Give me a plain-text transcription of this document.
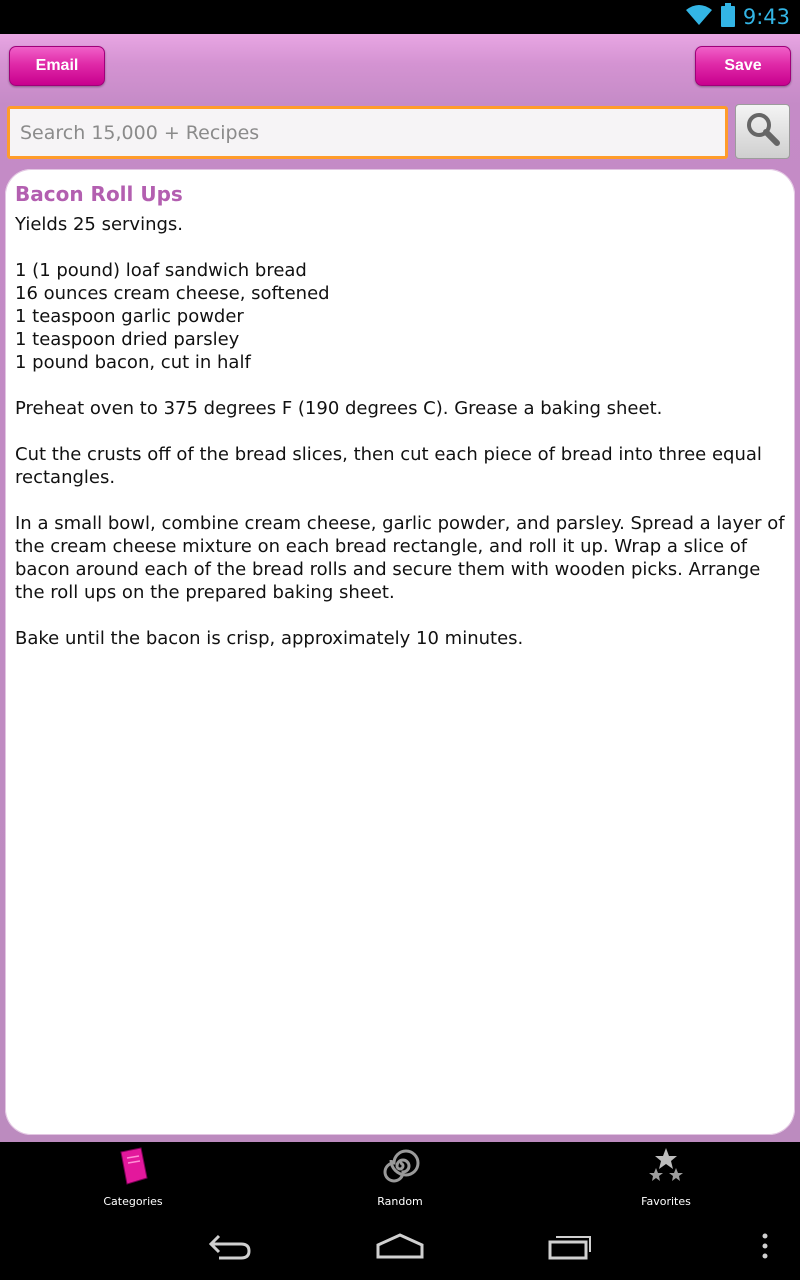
9:43
Email	Save
Search 15,000 + Recipes
Bacon Roll Ups

Yields 25 servings.

1 (1 pound) loaf sandwich bread

16 ounces cream cheese, softened

1 teaspoon garlic powder

1 teaspoon dried parsley

1 pound bacon, cut in half

Preheat oven to 375 degrees F (190 degrees C). Grease a baking sheet.

Cut the crusts off of the bread slices, then cut each piece of bread into three equal rectangles.

In a small bowl, combine cream cheese, garlic powder, and parsley. Spread a layer of the cream cheese mixture on each bread rectangle, and roll it up. Wrap a slice of bacon around each of the bread rolls and secure them with wooden picks. Arrange the roll ups on the prepared baking sheet.

Bake until the bacon is crisp, approximately 10 minutes.

Categories	Random	Favorites
